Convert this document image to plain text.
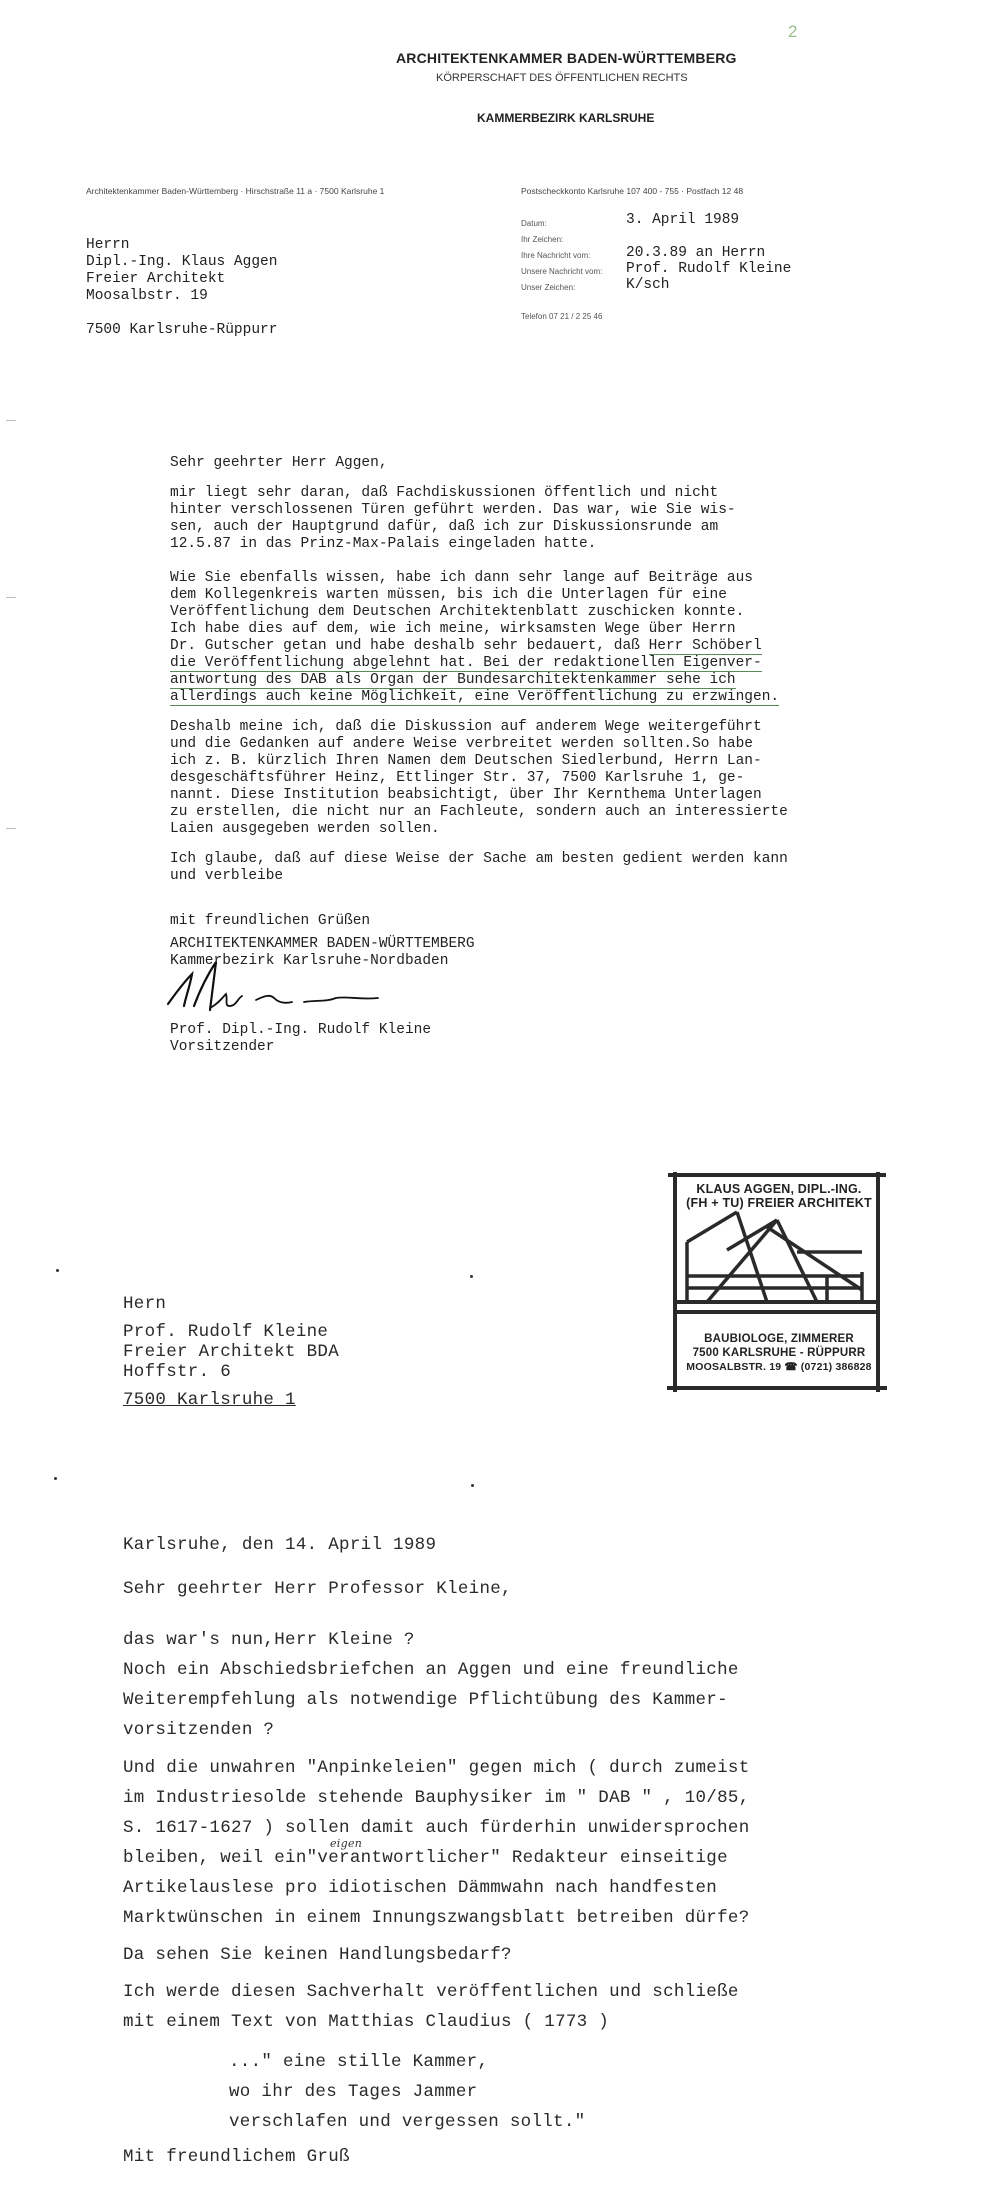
2
ARCHITEKTENKAMMER BADEN-WÜRTTEMBERG
KÖRPERSCHAFT DES ÖFFENTLICHEN RECHTS
KAMMERBEZIRK KARLSRUHE
Architektenkammer Baden-Württemberg · Hirschstraße 11 a · 7500 Karlsruhe 1	Postscheckkonto Karlsruhe 107 400 - 755 · Postfach 12 48
Datum:	3. April 1989
Ihr Zeichen:
Ihre Nachricht vom: 20.3.89 an Herrn
Unsere Nachricht vom: Prof. Rudolf Kleine
Unser Zeichen:	K/sch
Telefon 07 21 / 2 25 46
Herrn
Dipl.-Ing. Klaus Aggen
Freier Architekt
Moosalbstr. 19
7500 Karlsruhe-Rüppurr
Sehr geehrter Herr Aggen,
mir liegt sehr daran, daß Fachdiskussionen öffentlich und nicht
hinter verschlossenen Türen geführt werden. Das war, wie Sie wis-
sen, auch der Hauptgrund dafür, daß ich zur Diskussionsrunde am
12.5.87 in das Prinz-Max-Palais eingeladen hatte.
Wie Sie ebenfalls wissen, habe ich dann sehr lange auf Beiträge aus
dem Kollegenkreis warten müssen, bis ich die Unterlagen für eine
Veröffentlichung dem Deutschen Architektenblatt zuschicken konnte.
Ich habe dies auf dem, wie ich meine, wirksamsten Wege über Herrn
Dr. Gutscher getan und habe deshalb sehr bedauert, daß Herr Schöberl
die Veröffentlichung abgelehnt hat. Bei der redaktionellen Eigenver-
antwortung des DAB als Organ der Bundesarchitektenkammer sehe ich
allerdings auch keine Möglichkeit, eine Veröffentlichung zu erzwingen.
Deshalb meine ich, daß die Diskussion auf anderem Wege weitergeführt
und die Gedanken auf andere Weise verbreitet werden sollten.So habe
ich z. B. kürzlich Ihren Namen dem Deutschen Siedlerbund, Herrn Lan-
desgeschäftsführer Heinz, Ettlinger Str. 37, 7500 Karlsruhe 1, ge-
nannt. Diese Institution beabsichtigt, über Ihr Kernthema Unterlagen
zu erstellen, die nicht nur an Fachleute, sondern auch an interessierte
Laien ausgegeben werden sollen.
Ich glaube, daß auf diese Weise der Sache am besten gedient werden kann
und verbleibe
mit freundlichen Grüßen
ARCHITEKTENKAMMER BADEN-WÜRTTEMBERG
Kammerbezirk Karlsruhe-Nordbaden
Prof. Dipl.-Ing. Rudolf Kleine
Vorsitzender
KLAUS AGGEN, DIPL.-ING.
(FH + TU) FREIER ARCHITEKT
BAUBIOLOGE, ZIMMERER
7500 KARLSRUHE - RÜPPURR
MOOSALBSTR. 19 ☎ (0721) 386828
Hern
Prof. Rudolf Kleine
Freier Architekt BDA
Hoffstr. 6
7500 Karlsruhe 1
Karlsruhe, den 14. April 1989
Sehr geehrter Herr Professor Kleine,
das war's nun,Herr Kleine ?
Noch ein Abschiedsbriefchen an Aggen und eine freundliche
Weiterempfehlung als notwendige Pflichtübung des Kammer-
vorsitzenden ?
Und die unwahren "Anpinkeleien" gegen mich ( durch zumeist
im Industriesolde stehende Bauphysiker im " DAB " , 10/85,
S. 1617-1627 ) sollen damit auch fürderhin unwidersprochen
bleiben, weil ein"verantwortlicher" Redakteur einseitige
Artikelauslese pro idiotischen Dämmwahn nach handfesten
Marktwünschen in einem Innungszwangsblatt betreiben dürfe?
eigen
Da sehen Sie keinen Handlungsbedarf?
Ich werde diesen Sachverhalt veröffentlichen und schließe
mit einem Text von Matthias Claudius ( 1773 )
..." eine stille Kammer,
wo ihr des Tages Jammer
verschlafen und vergessen sollt."
Mit freundlichem Gruß
